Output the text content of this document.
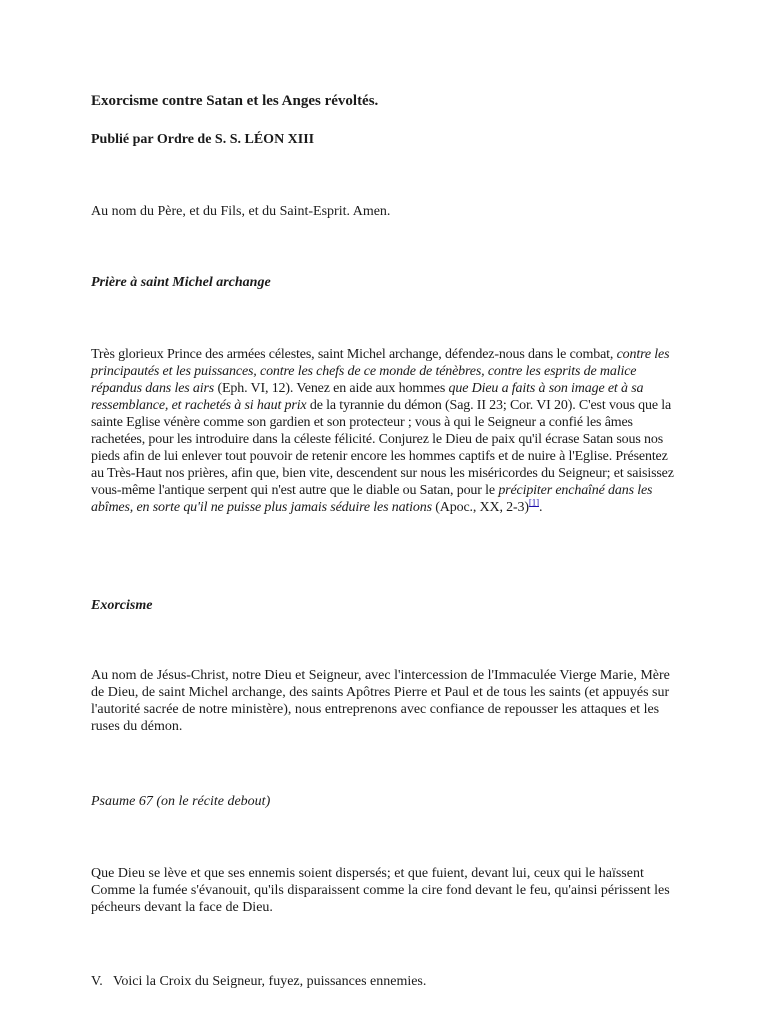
Exorcisme contre Satan et les Anges révoltés.
Publié par Ordre de S. S. LÉON XIII
Au nom du Père, et du Fils, et du Saint-Esprit. Amen.
Prière à saint Michel archange
Très glorieux Prince des armées célestes, saint Michel archange, défendez-nous dans le combat, contre les principautés et les puissances, contre les chefs de ce monde de ténèbres, contre les esprits de malice répandus dans les airs (Eph. VI, 12). Venez en aide aux hommes que Dieu a faits à son image et à sa ressemblance, et rachetés à si haut prix de la tyrannie du démon (Sag. II 23; Cor. VI 20). C'est vous que la sainte Eglise vénère comme son gardien et son protecteur ; vous à qui le Seigneur a confié les âmes rachetées, pour les introduire dans la céleste félicité. Conjurez le Dieu de paix qu'il écrase Satan sous nos pieds afin de lui enlever tout pouvoir de retenir encore les hommes captifs et de nuire à l'Eglise. Présentez au Très-Haut nos prières, afin que, bien vite, descendent sur nous les miséricordes du Seigneur; et saisissez vous-même l'antique serpent qui n'est autre que le diable ou Satan, pour le précipiter enchaîné dans les abîmes, en sorte qu'il ne puisse plus jamais séduire les nations (Apoc., XX, 2-3)[1].
Exorcisme
Au nom de Jésus-Christ, notre Dieu et Seigneur, avec l'intercession de l'Immaculée Vierge Marie, Mère de Dieu, de saint Michel archange, des saints Apôtres Pierre et Paul et de tous les saints (et appuyés sur l'autorité sacrée de notre ministère), nous entreprenons avec confiance de repousser les attaques et les ruses du démon.
Psaume 67 (on le récite debout)
Que Dieu se lève et que ses ennemis soient dispersés; et que fuient, devant lui, ceux qui le haïssent Comme la fumée s'évanouit, qu'ils disparaissent comme la cire fond devant le feu, qu'ainsi périssent les pécheurs devant la face de Dieu.
V.   Voici la Croix du Seigneur, fuyez, puissances ennemies.
